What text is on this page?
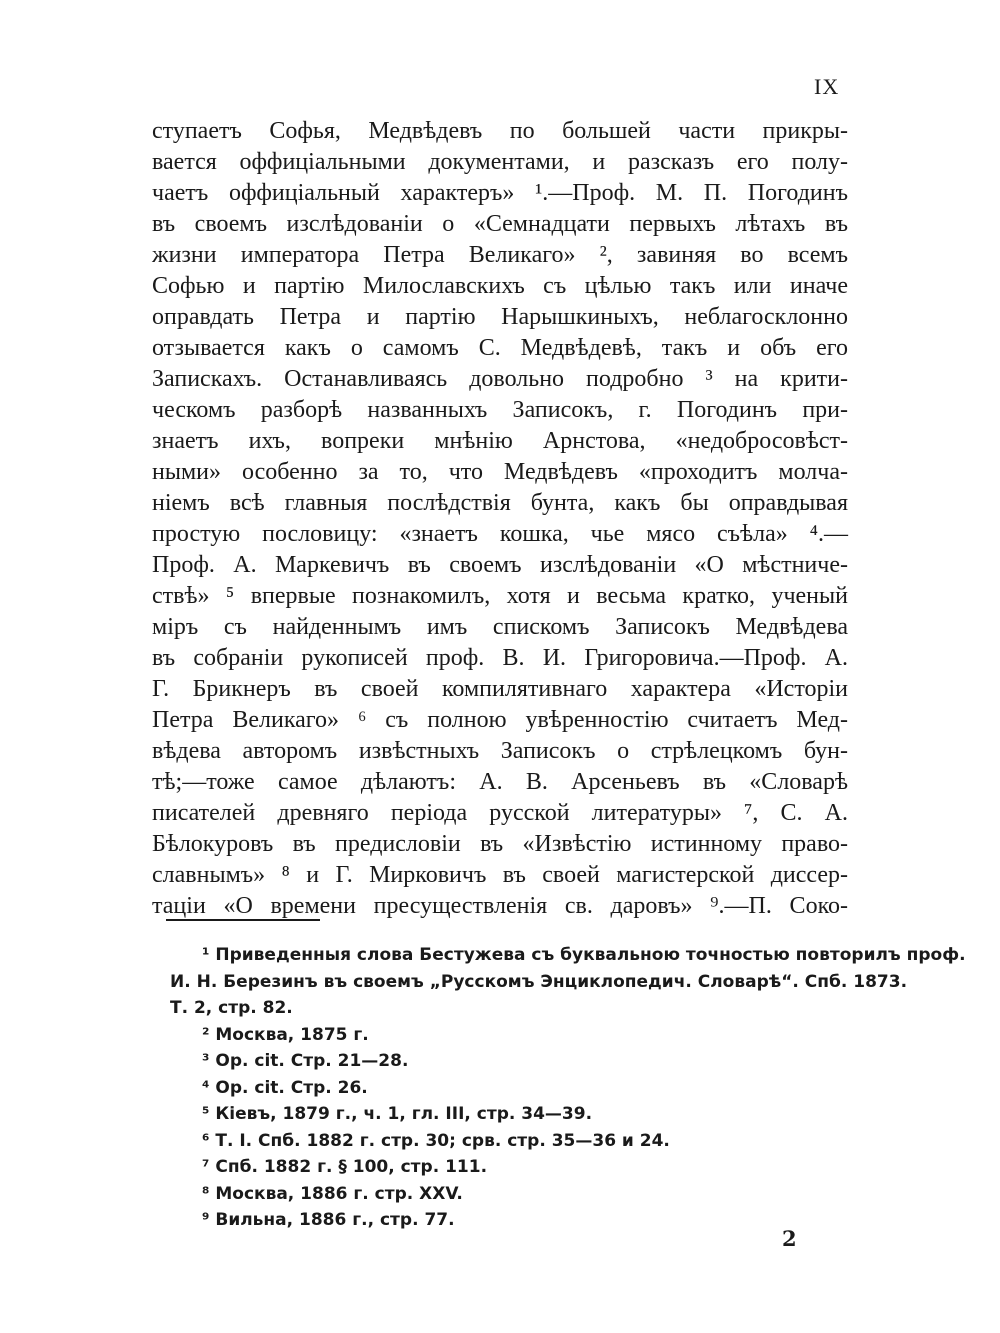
IX
ступаетъ Софья, Медвѣдевъ по большей части прикры-
вается оффиціальными документами, и разсказъ его полу-
чаетъ оффиціальный характеръ» ¹.—Проф. М. П. Погодинъ
въ своемъ изслѣдованіи о «Семнадцати первыхъ лѣтахъ въ
жизни императора Петра Великаго» ², завиняя во всемъ
Софью и партію Милославскихъ съ цѣлью такъ или иначе
оправдать Петра и партію Нарышкиныхъ, неблагосклонно
отзывается какъ о самомъ С. Медвѣдевѣ, такъ и объ его
Запискахъ. Останавливаясь довольно подробно ³ на крити-
ческомъ разборѣ названныхъ Записокъ, г. Погодинъ при-
знаетъ ихъ, вопреки мнѣнію Арнстова, «недобросовѣст-
ными» особенно за то, что Медвѣдевъ «проходитъ молча-
ніемъ всѣ главныя послѣдствія бунта, какъ бы оправдывая
простую пословицу: «знаетъ кошка, чье мясо съѣла» ⁴.—
Проф. А. Маркевичъ въ своемъ изслѣдованіи «О мѣстниче-
ствѣ» ⁵ впервые познакомилъ, хотя и весьма кратко, ученый
міръ съ найденнымъ имъ спискомъ Записокъ Медвѣдева
въ собраніи рукописей проф. В. И. Григоровича.—Проф. А.
Г. Брикнеръ въ своей компилятивнаго характера «Исторіи
Петра Великаго» ⁶ съ полною увѣренностію считаетъ Мед-
вѣдева авторомъ извѣстныхъ Записокъ о стрѣлецкомъ бун-
тѣ;—тоже самое дѣлаютъ: А. В. Арсеньевъ въ «Словарѣ
писателей древняго періода русской литературы» ⁷, С. А.
Бѣлокуровъ въ предисловіи въ «Извѣстію истинному право-
славнымъ» ⁸ и Г. Мирковичъ въ своей магистерской диссер-
таціи «О времени пресуществленія св. даровъ» ⁹.—П. Соко-
¹ Приведенныя слова Бестужева съ буквальною точностью повторилъ проф.
И. Н. Березинъ въ своемъ „Русскомъ Энциклопедич. Словарѣ“. Спб. 1873.
Т. 2, стр. 82.
² Москва, 1875 г.
³ Op. cit. Стр. 21—28.
⁴ Op. cit. Стр. 26.
⁵ Кіевъ, 1879 г., ч. 1, гл. III, стр. 34—39.
⁶ Т. I. Спб. 1882 г. стр. 30; срв. стр. 35—36 и 24.
⁷ Спб. 1882 г. § 100, стр. 111.
⁸ Москва, 1886 г. стр. XXV.
⁹ Вильна, 1886 г., стр. 77.
2
